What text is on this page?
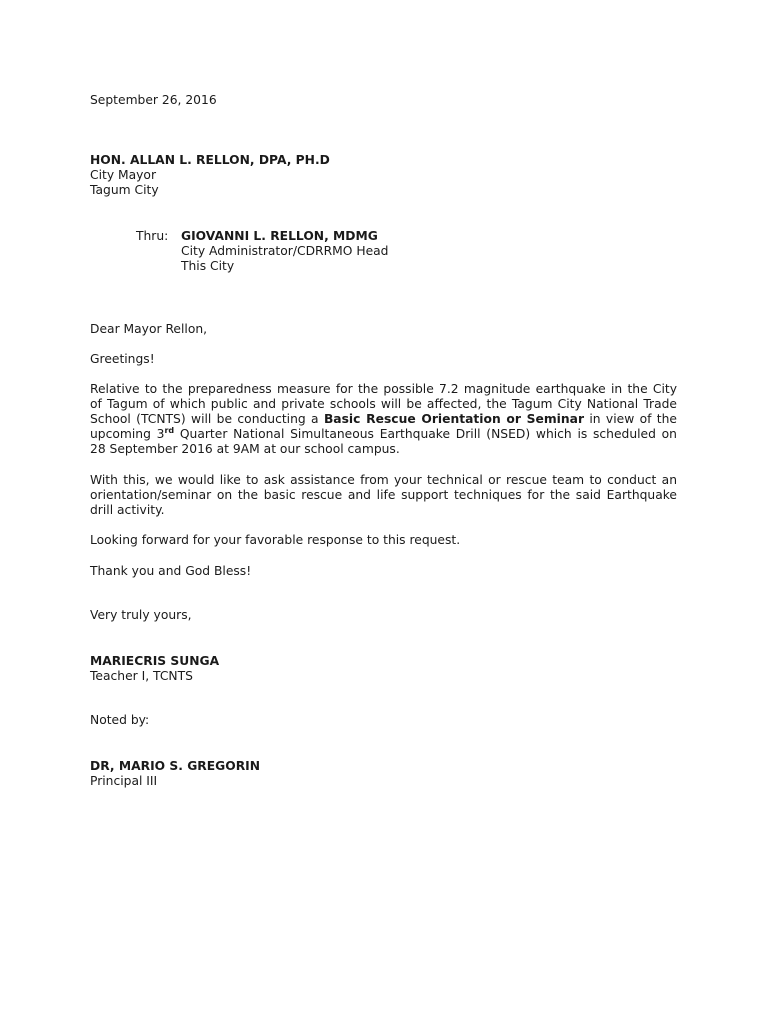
September 26, 2016
HON. ALLAN L. RELLON, DPA, PH.D
City Mayor
Tagum City
Thru: GIOVANNI L. RELLON, MDMG
City Administrator/CDRRMO Head
This City
Dear Mayor Rellon,
Greetings!
Relative to the preparedness measure for the possible 7.2 magnitude earthquake in the City
of Tagum of which public and private schools will be affected, the Tagum City National Trade
School (TCNTS) will be conducting a Basic Rescue Orientation or Seminar in view of the
upcoming 3rd Quarter National Simultaneous Earthquake Drill (NSED) which is scheduled on
28 September 2016 at 9AM at our school campus.
With this, we would like to ask assistance from your technical or rescue team to conduct an
orientation/seminar on the basic rescue and life support techniques for the said Earthquake
drill activity.
Looking forward for your favorable response to this request.
Thank you and God Bless!
Very truly yours,
MARIECRIS SUNGA
Teacher I, TCNTS
Noted by:
DR, MARIO S. GREGORIN
Principal III
